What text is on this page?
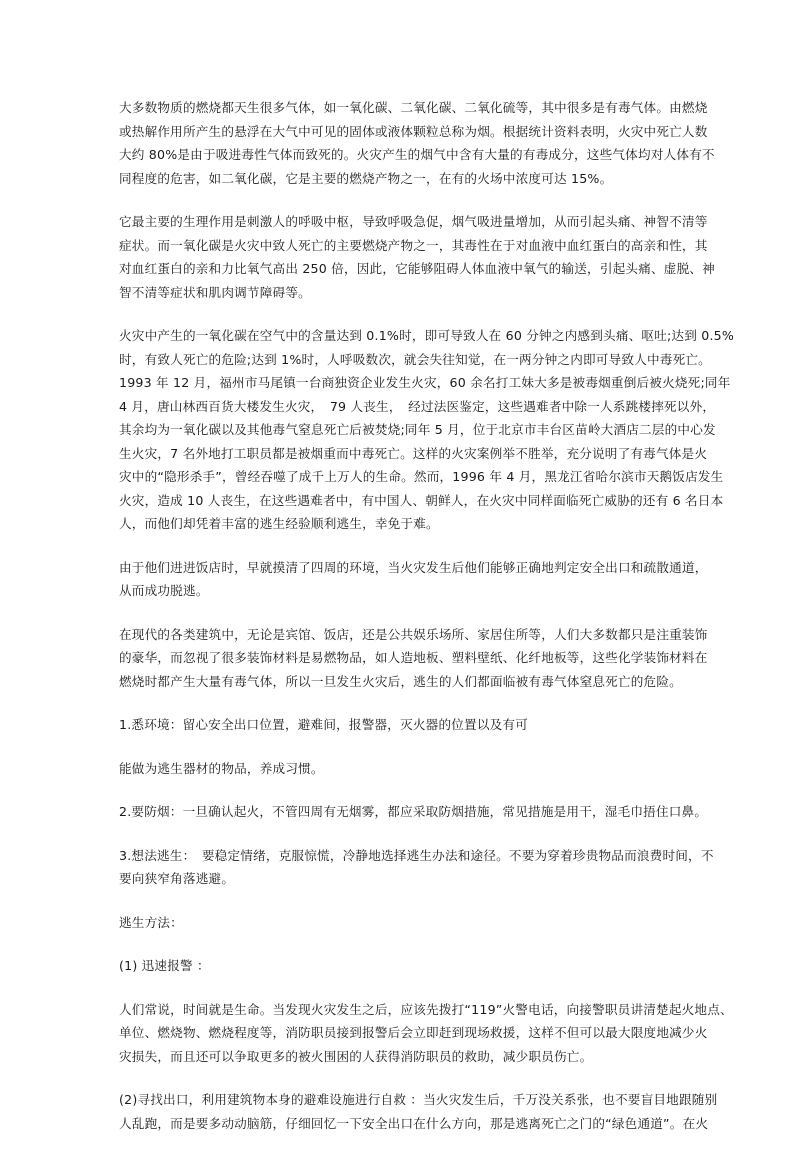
大多数物质的燃烧都天生很多气体，如一氧化碳、二氧化碳、二氧化硫等，其中很多是有毒气体。由燃烧
或热解作用所产生的悬浮在大气中可见的固体或液体颗粒总称为烟。根据统计资料表明，火灾中死亡人数
大约 80%是由于吸进毒性气体而致死的。火灾产生的烟气中含有大量的有毒成分，这些气体均对人体有不
同程度的危害，如二氧化碳，它是主要的燃烧产物之一，在有的火场中浓度可达 15%。

它最主要的生理作用是刺激人的呼吸中枢，导致呼吸急促，烟气吸进量增加，从而引起头痛、神智不清等
症状。而一氧化碳是火灾中致人死亡的主要燃烧产物之一，其毒性在于对血液中血红蛋白的高亲和性，其
对血红蛋白的亲和力比氧气高出 250 倍，因此，它能够阻碍人体血液中氧气的输送，引起头痛、虚脱、神
智不清等症状和肌肉调节障碍等。

火灾中产生的一氧化碳在空气中的含量达到 0.1%时，即可导致人在 60 分钟之内感到头痛、呕吐;达到 0.5%
时，有致人死亡的危险;达到 1%时，人呼吸数次，就会失往知觉，在一两分钟之内即可导致人中毒死亡。
1993 年 12 月，福州市马尾镇一台商独资企业发生火灾，60 余名打工妹大多是被毒烟重倒后被火烧死;同年
4 月，唐山林西百货大楼发生火灾，　79 人丧生，　经过法医鉴定，这些遇难者中除一人系跳楼摔死以外，
其余均为一氧化碳以及其他毒气窒息死亡后被焚烧;同年 5 月，位于北京市丰台区苗岭大酒店二层的中心发
生火灾，7 名外地打工职员都是被烟重而中毒死亡。这样的火灾案例举不胜举，充分说明了有毒气体是火
灾中的“隐形杀手”，曾经吞噬了成千上万人的生命。然而，1996 年 4 月，黑龙江省哈尔滨市天鹅饭店发生
火灾，造成 10 人丧生，在这些遇难者中，有中国人、朝鲜人，在火灾中同样面临死亡威胁的还有 6 名日本
人，而他们却凭着丰富的逃生经验顺利逃生，幸免于难。

由于他们进进饭店时，早就摸清了四周的环境，当火灾发生后他们能够正确地判定安全出口和疏散通道，
从而成功脱逃。

在现代的各类建筑中，无论是宾馆、饭店，还是公共娱乐场所、家居住所等，人们大多数都只是注重装饰
的豪华，而忽视了很多装饰材料是易燃物品，如人造地板、塑料壁纸、化纤地板等，这些化学装饰材料在
燃烧时都产生大量有毒气体，所以一旦发生火灾后，逃生的人们都面临被有毒气体窒息死亡的危险。

1.悉环境：留心安全出口位置，避难间，报警器，灭火器的位置以及有可

能做为逃生器材的物品，养成习惯。

2.要防烟：一旦确认起火，不管四周有无烟雾，都应采取防烟措施，常见措施是用干，湿毛巾捂住口鼻。

3.想法逃生：　要稳定情绪，克服惊慌，冷静地选择逃生办法和途径。不要为穿着珍贵物品而浪费时间，不
要向狭窄角落逃避。

逃生方法：

(1) 迅速报警 ：

人们常说，时间就是生命。当发现火灾发生之后，应该先拨打“119”火警电话，向接警职员讲清楚起火地点、
单位、燃烧物、燃烧程度等，消防职员接到报警后会立即赶到现场救援，这样不但可以最大限度地减少火
灾损失，而且还可以争取更多的被火围困的人获得消防职员的救助，减少职员伤亡。

(2)寻找出口，利用建筑物本身的避难设施进行自救 ：当火灾发生后，千万没关系张，也不要盲目地跟随别
人乱跑，而是要多动动脑筋，仔细回忆一下安全出口在什么方向，那是逃离死亡之门的“绿色通道”。在火
